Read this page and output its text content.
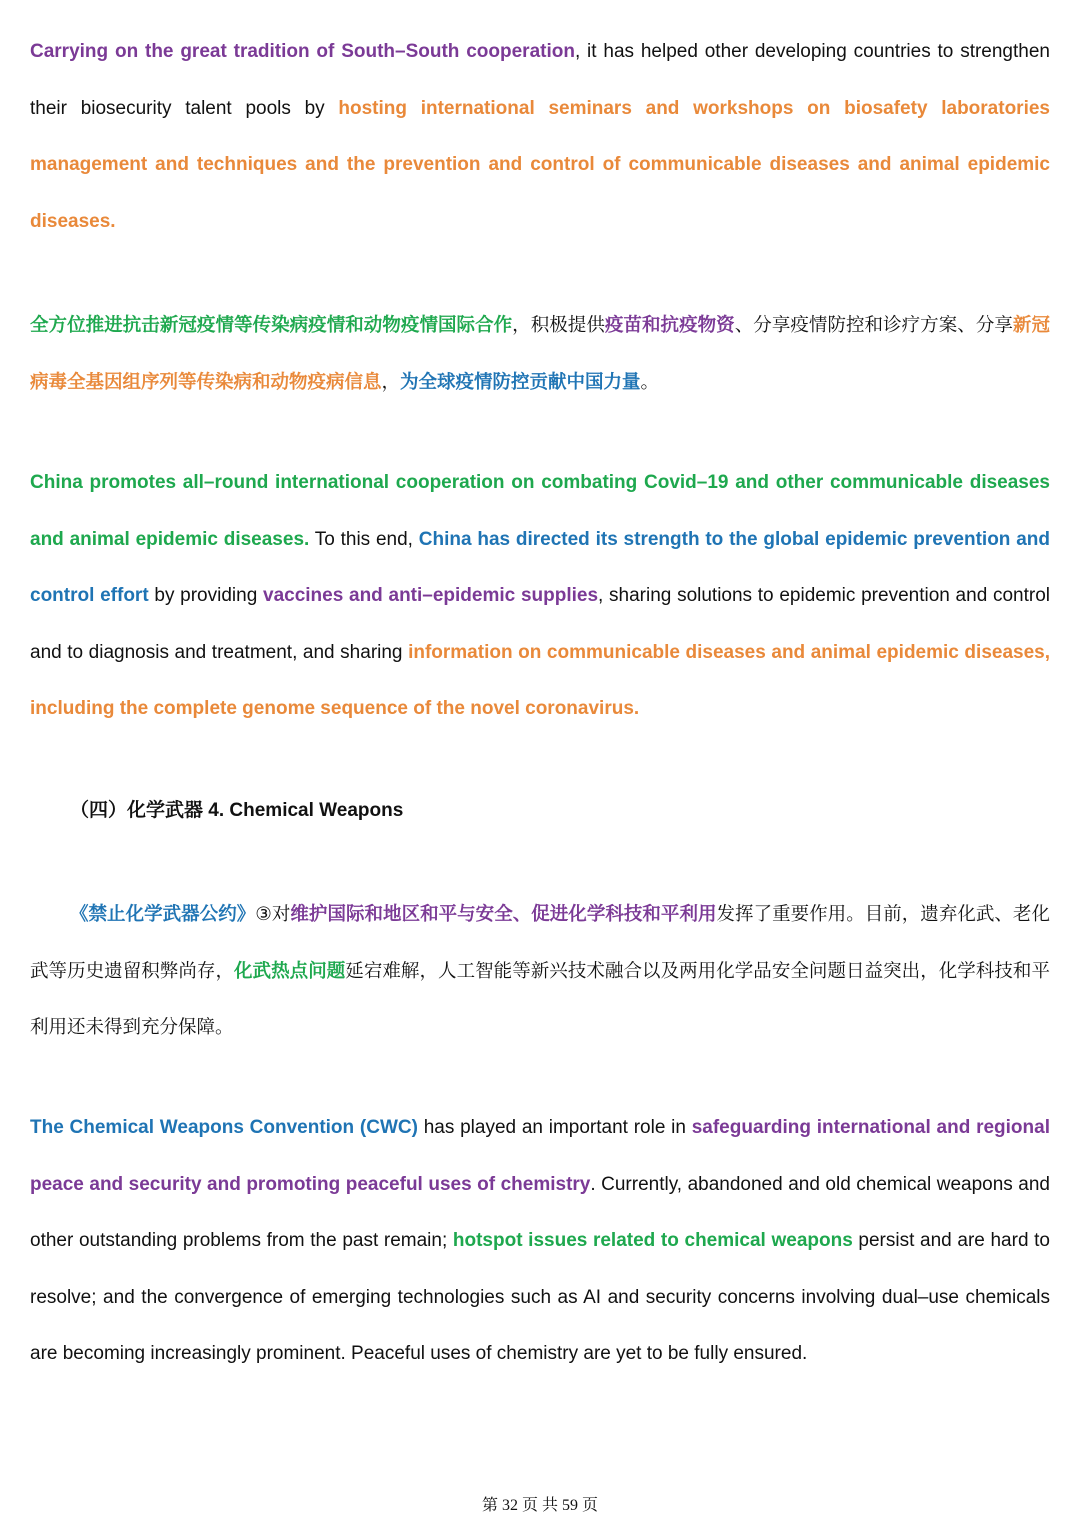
Carrying on the great tradition of South–South cooperation, it has helped other developing countries to strengthen their biosecurity talent pools by hosting international seminars and workshops on biosafety laboratories management and techniques and the prevention and control of communicable diseases and animal epidemic diseases.

全方位推进抗击新冠疫情等传染病疫情和动物疫情国际合作，积极提供疫苗和抗疫物资、分享疫情防控和诊疗方案、分享新冠病毒全基因组序列等传染病和动物疫病信息，为全球疫情防控贡献中国力量。

China promotes all–round international cooperation on combating Covid–19 and other communicable diseases and animal epidemic diseases. To this end, China has directed its strength to the global epidemic prevention and control effort by providing vaccines and anti–epidemic supplies, sharing solutions to epidemic prevention and control and to diagnosis and treatment, and sharing information on communicable diseases and animal epidemic diseases, including the complete genome sequence of the novel coronavirus.

（四）化学武器 4. Chemical Weapons

《禁止化学武器公约》③对维护国际和地区和平与安全、促进化学科技和平利用发挥了重要作用。目前，遗弃化武、老化武等历史遗留积弊尚存，化武热点问题延宕难解，人工智能等新兴技术融合以及两用化学品安全问题日益突出，化学科技和平利用还未得到充分保障。

The Chemical Weapons Convention (CWC) has played an important role in safeguarding international and regional peace and security and promoting peaceful uses of chemistry. Currently, abandoned and old chemical weapons and other outstanding problems from the past remain; hotspot issues related to chemical weapons persist and are hard to resolve; and the convergence of emerging technologies such as AI and security concerns involving dual–use chemicals are becoming increasingly prominent. Peaceful uses of chemistry are yet to be fully ensured.

第 32 页 共 59 页
